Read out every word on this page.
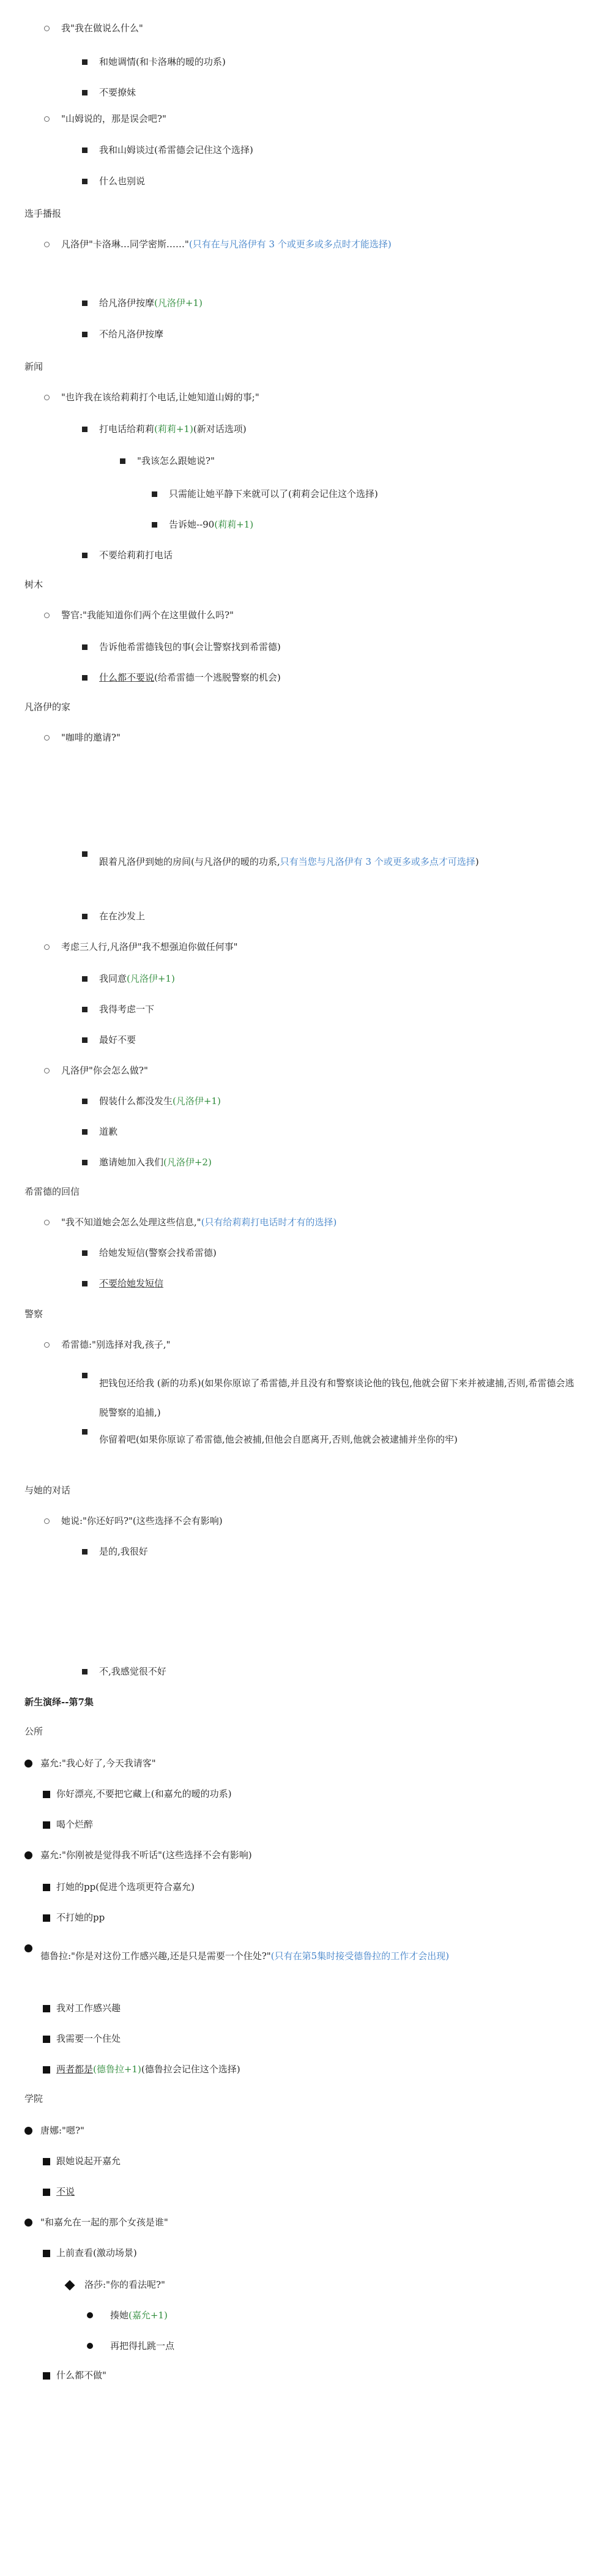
我"我在做说么什么"
和她调情(和卡洛琳的暧的功系)
不要撩妹
"山姆说的，那是误会吧?"
我和山姆谈过(希雷德会记住这个选择)
什么也别说
选手播报
凡洛伊"卡洛琳…同学密斯……"(只有在与凡洛伊有 3 个或更多或多点时才能选择)
给凡洛伊按摩(凡洛伊+1)
不给凡洛伊按摩
新闻
"也许我在该给莉莉打个电话,让她知道山姆的事;"
打电话给莉莉(莉莉+1)(新对话选项)
"我该怎么跟她说?"
只需能让她平静下来就可以了(莉莉会记住这个选择)
告诉她--90(莉莉+1)
不要给莉莉打电话
树木
警官:"我能知道你们两个在这里做什么吗?"
告诉他希雷德钱包的事(会让警察找到希雷德)
什么都不要说(给希雷德一个逃脱警察的机会)
凡洛伊的家
"咖啡的邀请?"
跟着凡洛伊到她的房间(与凡洛伊的暧的功系,只有当您与凡洛伊有 3 个或更多或多点才可选择)
在在沙发上
考虑三人行,凡洛伊"我不想强迫你做任何事"
我同意(凡洛伊+1)
我得考虑一下
最好不要
凡洛伊"你会怎么做?"
假装什么都没发生(凡洛伊+1)
道歉
邀请她加入我们(凡洛伊+2)
希雷德的回信
"我不知道她会怎么处理这些信息,"(只有给莉莉打电话时才有的选择)
给她发短信(警察会找希雷德)
不要给她发短信
警察
希雷德:"别选择对我,孩子,"
把钱包还给我 (新的功系)(如果你原谅了希雷德,并且没有和警察谈论他的钱包,他就会留下来并被逮捕,否则,希雷德会逃脱警察的追捕,)
你留着吧(如果你原谅了希雷德,他会被捕,但他会自愿离开,否则,他就会被逮捕并坐你的牢)
与她的对话
她说:"你还好吗?"(这些选择不会有影响)
是的,我很好
不,我感觉很不好
新生演绎--第7集
公所
嘉允:"我心好了,今天我请客"
你好漂亮,不要把它藏上(和嘉允的暧的功系)
喝个烂醉
嘉允:"你刚被是觉得我不听话"(这些选择不会有影响)
打她的pp(促进个选项更符合嘉允)
不打她的pp
德鲁拉:"你是对这份工作感兴趣,还是只是需要一个住处?"(只有在第5集时接受德鲁拉的工作才会出现)
我对工作感兴趣
我需要一个住处
两者都是(德鲁拉+1)(德鲁拉会记住这个选择)
学院
唐娜:"嗯?"
跟她说起开嘉允
不说
"和嘉允在一起的那个女孩是谁"
上前查看(激动场景)
洛莎:"你的看法呢?"
揍她(嘉允+1)
再把得扎跳一点
什么都不做"
